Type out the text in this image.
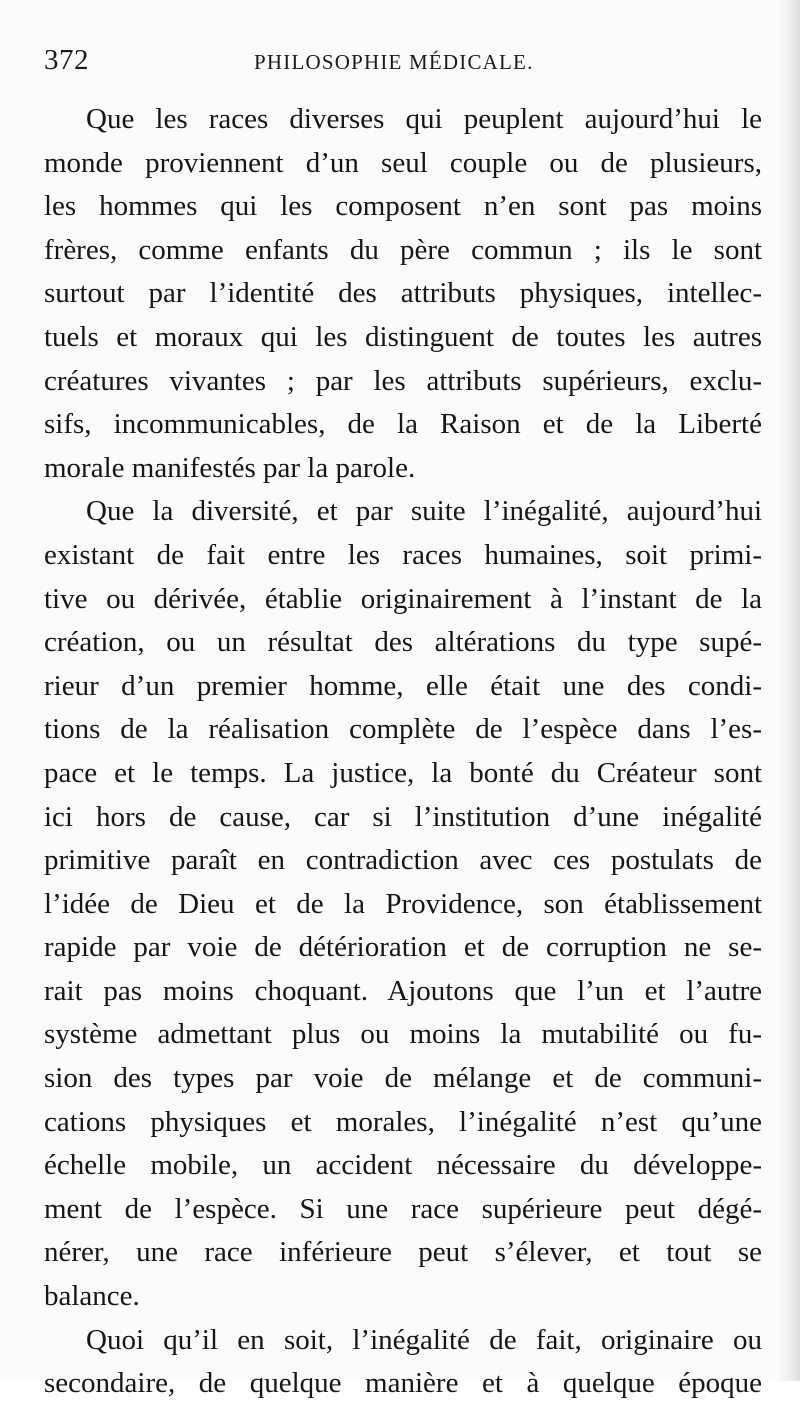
372	PHILOSOPHIE MÉDICALE.
Que les races diverses qui peuplent aujourd’hui le
monde proviennent d’un seul couple ou de plusieurs,
les hommes qui les composent n’en sont pas moins
frères, comme enfants du père commun ; ils le sont
surtout par l’identité des attributs physiques, intellec-
tuels et moraux qui les distinguent de toutes les autres
créatures vivantes ; par les attributs supérieurs, exclu-
sifs, incommunicables, de la Raison et de la Liberté
morale manifestés par la parole.
Que la diversité, et par suite l’inégalité, aujourd’hui
existant de fait entre les races humaines, soit primi-
tive ou dérivée, établie originairement à l’instant de la
création, ou un résultat des altérations du type supé-
rieur d’un premier homme, elle était une des condi-
tions de la réalisation complète de l’espèce dans l’es-
pace et le temps. La justice, la bonté du Créateur sont
ici hors de cause, car si l’institution d’une inégalité
primitive paraît en contradiction avec ces postulats de
l’idée de Dieu et de la Providence, son établissement
rapide par voie de détérioration et de corruption ne se-
rait pas moins choquant. Ajoutons que l’un et l’autre
système admettant plus ou moins la mutabilité ou fu-
sion des types par voie de mélange et de communi-
cations physiques et morales, l’inégalité n’est qu’une
échelle mobile, un accident nécessaire du développe-
ment de l’espèce. Si une race supérieure peut dégé-
nérer, une race inférieure peut s’élever, et tout se
balance.
Quoi qu’il en soit, l’inégalité de fait, originaire ou
secondaire, de quelque manière et à quelque époque
